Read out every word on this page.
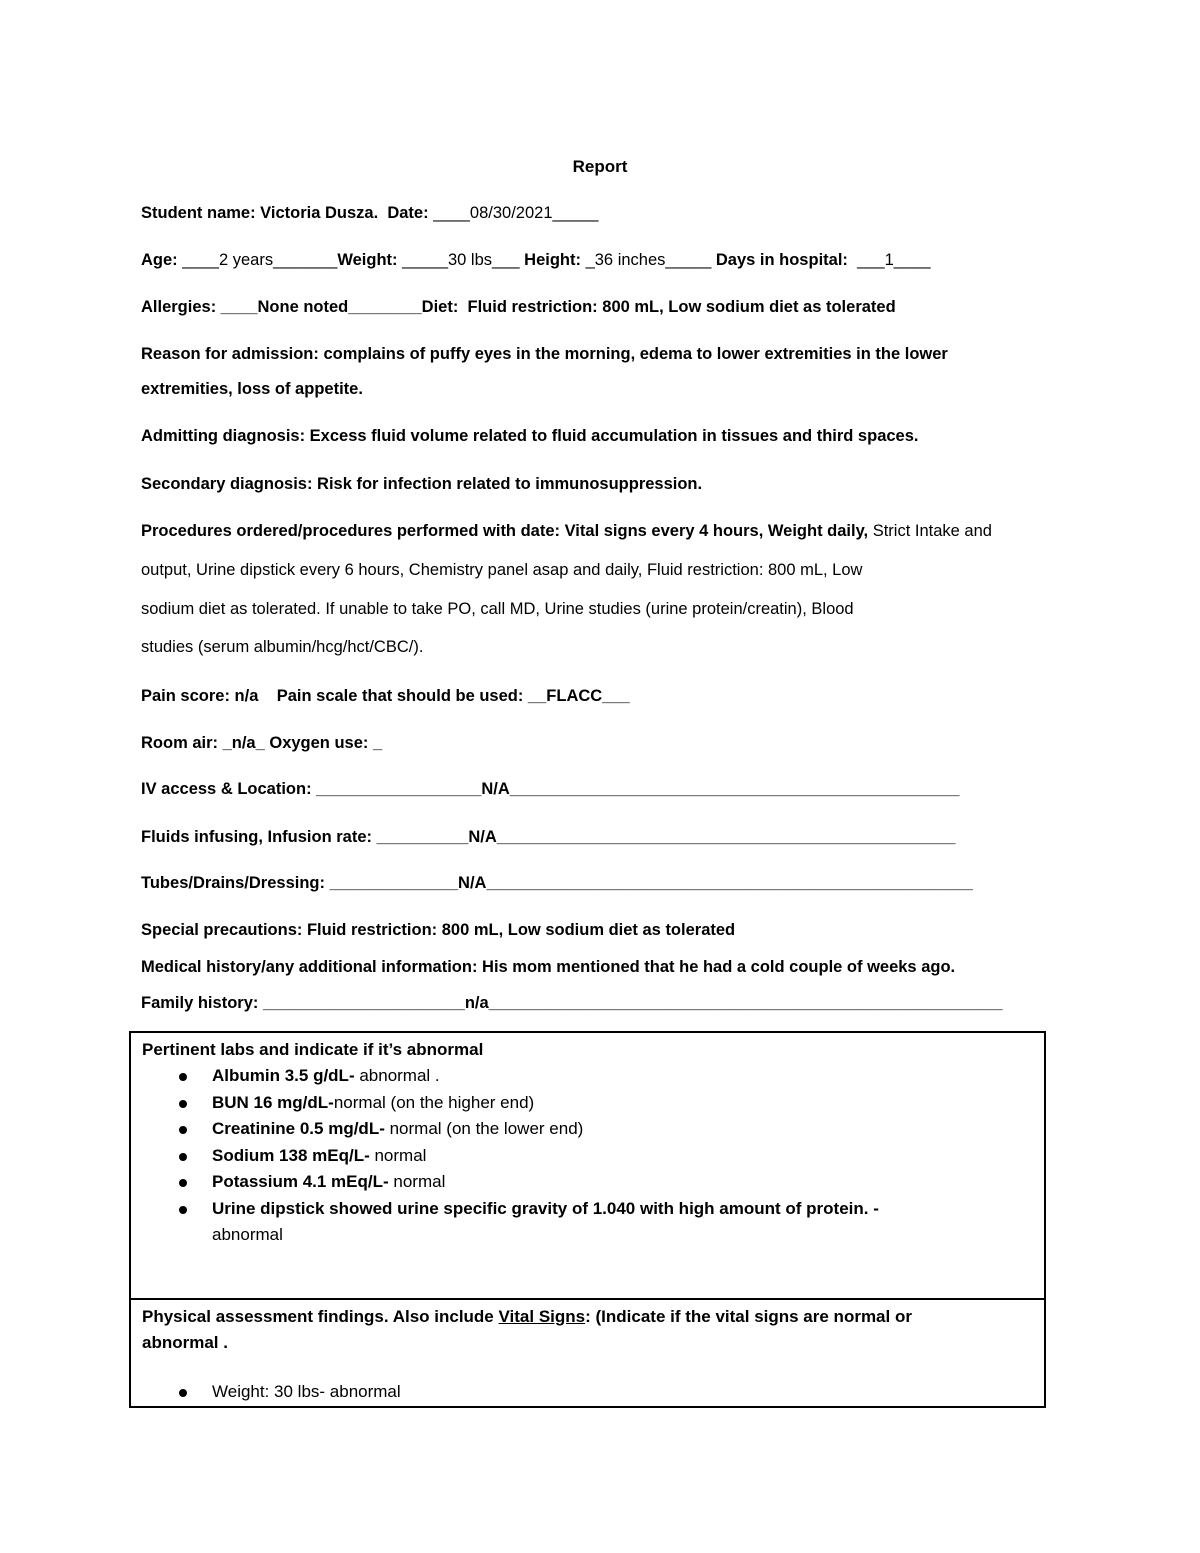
Report
Student name: Victoria Dusza. Date: ____08/30/2021_____
Age: ____2 years_______Weight: _____30 lbs___ Height: _36 inches_____ Days in hospital: ___1____
Allergies: ____None noted________Diet:  Fluid restriction: 800 mL, Low sodium diet as tolerated
Reason for admission: complains of puffy eyes in the morning, edema to lower extremities in the lower
extremities, loss of appetite.
Admitting diagnosis: Excess fluid volume related to fluid accumulation in tissues and third spaces.
Secondary diagnosis: Risk for infection related to immunosuppression.
Procedures ordered/procedures performed with date: Vital signs every 4 hours, Weight daily, Strict Intake and
output, Urine dipstick every 6 hours, Chemistry panel asap and daily, Fluid restriction: 800 mL, Low
sodium diet as tolerated. If unable to take PO, call MD, Urine studies (urine protein/creatin), Blood
studies (serum albumin/hcg/hct/CBC/).
Pain score: n/a    Pain scale that should be used: __FLACC___
Room air: _n/a_ Oxygen use: _
IV access & Location: __________________N/A_________________________________________________
Fluids infusing, Infusion rate: __________N/A__________________________________________________
Tubes/Drains/Dressing: ______________N/A_____________________________________________________
Special precautions: Fluid restriction: 800 mL, Low sodium diet as tolerated
Medical history/any additional information: His mom mentioned that he had a cold couple of weeks ago.
Family history: ______________________n/a________________________________________________________
Pertinent labs and indicate if it’s abnormal
Albumin 3.5 g/dL- abnormal .
BUN 16 mg/dL-normal (on the higher end)
Creatinine 0.5 mg/dL- normal (on the lower end)
Sodium 138 mEq/L- normal
Potassium 4.1 mEq/L- normal
Urine dipstick showed urine specific gravity of 1.040 with high amount of protein. -
abnormal
Physical assessment findings. Also include Vital Signs: (Indicate if the vital signs are normal or
abnormal .
Weight: 30 lbs- abnormal
